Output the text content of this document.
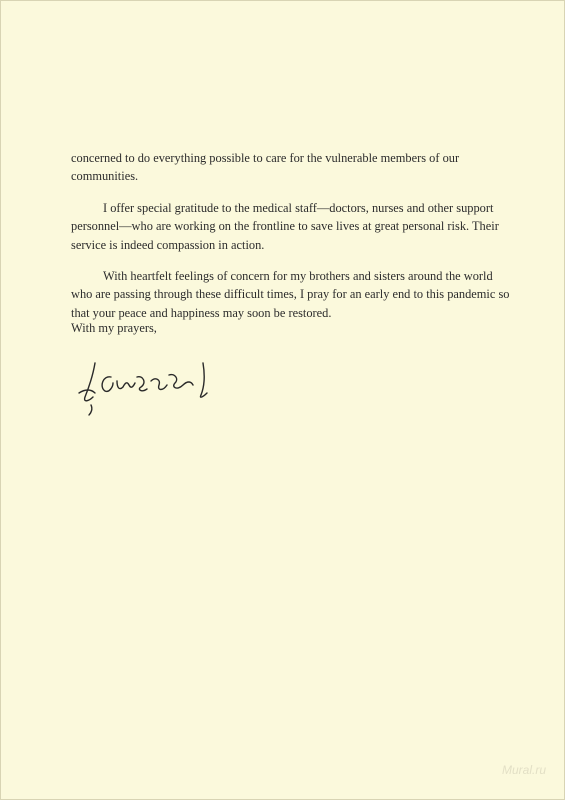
concerned to do everything possible to care for the vulnerable members of our communities.

I offer special gratitude to the medical staff—doctors, nurses and other support personnel—who are working on the frontline to save lives at great personal risk. Their service is indeed compassion in action.

With heartfelt feelings of concern for my brothers and sisters around the world who are passing through these difficult times, I pray for an early end to this pandemic so that your peace and happiness may soon be restored.

With my prayers,
Mural.ru
